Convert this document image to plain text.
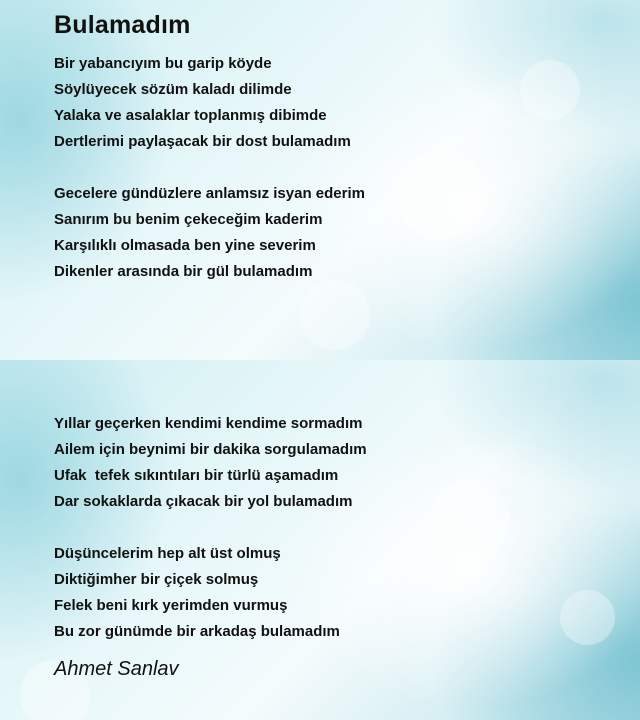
Bulamadım
Bir yabancıyım bu garip köyde
Söylüyecek sözüm kaladı dilimde
Yalaka ve asalaklar toplanmış dibimde
Dertlerimi paylaşacak bir dost bulamadım
Gecelere gündüzlere anlamsız isyan ederim
Sanırım bu benim çekeceğim kaderim
Karşılıklı olmasada ben yine severim
Dikenler arasında bir gül bulamadım
Yıllar geçerken kendimi kendime sormadım
Ailem için beynimi bir dakika sorgulamadım
Ufak  tefek sıkıntıları bir türlü aşamadım
Dar sokaklarda çıkacak bir yol bulamadım
Düşüncelerim hep alt üst olmuş
Diktiğimher bir çiçek solmuş
Felek beni kırk yerimden vurmuş
Bu zor günümde bir arkadaş bulamadım

Ahmet Sanlav
